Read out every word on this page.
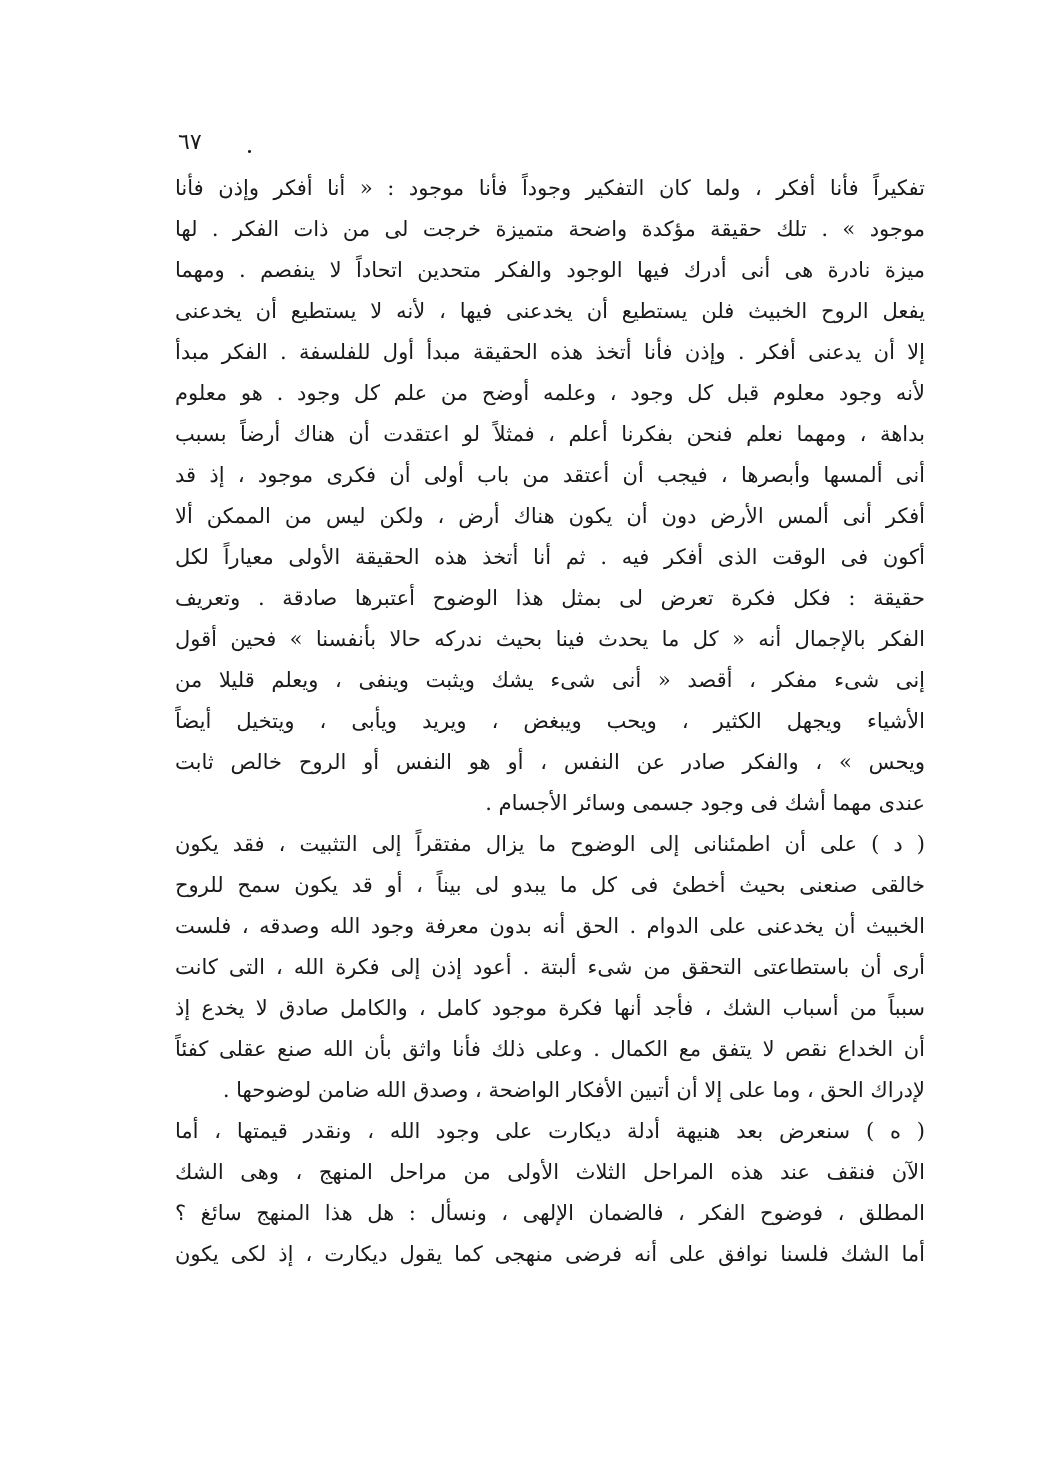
٦٧
تفكيراً فأنا أفكر ، ولما كان التفكير وجوداً فأنا موجود : « أنا أفكر وإذن فأنا
موجود » . تلك حقيقة مؤكدة واضحة متميزة خرجت لى من ذات الفكر . لها
ميزة نادرة هى أنى أدرك فيها الوجود والفكر متحدين اتحاداً لا ينفصم . ومهما
يفعل الروح الخبيث فلن يستطيع أن يخدعنى فيها ، لأنه لا يستطيع أن يخدعنى
إلا أن يدعنى أفكر . وإذن فأنا أتخذ هذه الحقيقة مبدأ أول للفلسفة . الفكر مبدأ
لأنه وجود معلوم قبل كل وجود ، وعلمه أوضح من علم كل وجود . هو معلوم
بداهة ، ومهما نعلم فنحن بفكرنا أعلم ، فمثلاً لو اعتقدت أن هناك أرضاً بسبب
أنى ألمسها وأبصرها ، فيجب أن أعتقد من باب أولى أن فكرى موجود ، إذ قد
أفكر أنى ألمس الأرض دون أن يكون هناك أرض ، ولكن ليس من الممكن ألا
أكون فى الوقت الذى أفكر فيه . ثم أنا أتخذ هذه الحقيقة الأولى معياراً لكل
حقيقة : فكل فكرة تعرض لى بمثل هذا الوضوح أعتبرها صادقة . وتعريف
الفكر بالإجمال أنه « كل ما يحدث فينا بحيث ندركه حالا بأنفسنا » فحين أقول
إنى شىء مفكر ، أقصد « أنى شىء يشك ويثبت وينفى ، ويعلم قليلا من
الأشياء ويجهل الكثير ، ويحب ويبغض ، ويريد ويأبى ، ويتخيل أيضاً
ويحس » ، والفكر صادر عن النفس ، أو هو النفس أو الروح خالص ثابت
عندى مهما أشك فى وجود جسمى وسائر الأجسام .
( د ) على أن اطمئنانى إلى الوضوح ما يزال مفتقراً إلى التثبيت ، فقد يكون
خالقى صنعنى بحيث أخطئ فى كل ما يبدو لى بيناً ، أو قد يكون سمح للروح
الخبيث أن يخدعنى على الدوام . الحق أنه بدون معرفة وجود الله وصدقه ، فلست
أرى أن باستطاعتى التحقق من شىء ألبتة . أعود إذن إلى فكرة الله ، التى كانت
سبباً من أسباب الشك ، فأجد أنها فكرة موجود كامل ، والكامل صادق لا يخدع إذ
أن الخداع نقص لا يتفق مع الكمال . وعلى ذلك فأنا واثق بأن الله صنع عقلى كفئاً
لإدراك الحق ، وما على إلا أن أتبين الأفكار الواضحة ، وصدق الله ضامن لوضوحها .
( ه ) سنعرض بعد هنيهة أدلة ديكارت على وجود الله ، ونقدر قيمتها ، أما
الآن فنقف عند هذه المراحل الثلاث الأولى من مراحل المنهج ، وهى الشك
المطلق ، فوضوح الفكر ، فالضمان الإلهى ، ونسأل : هل هذا المنهج سائغ ؟
أما الشك فلسنا نوافق على أنه فرضى منهجى كما يقول ديكارت ، إذ لكى يكون
